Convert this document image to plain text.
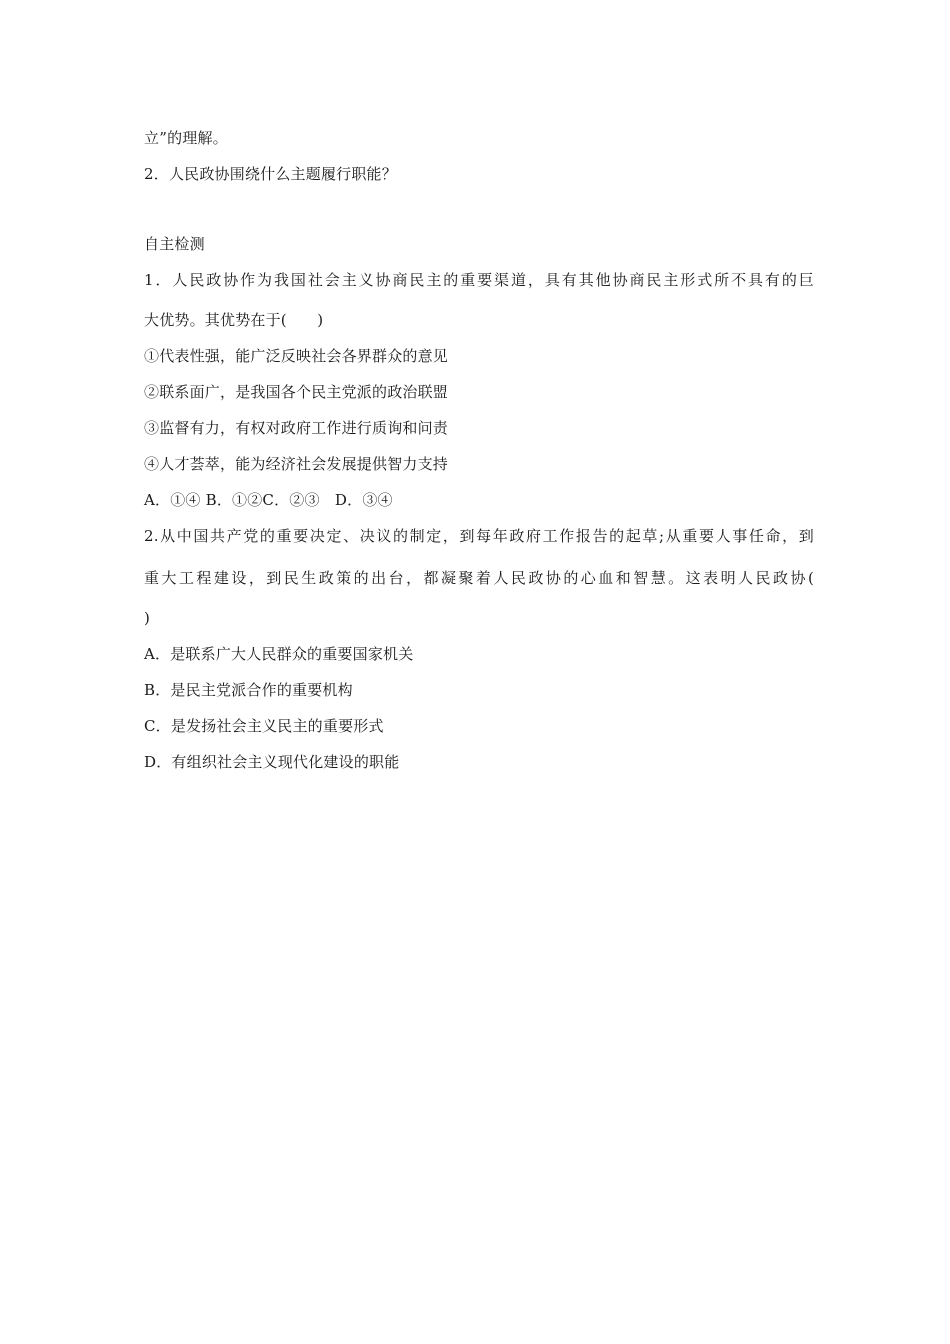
立”的理解。
2．人民政协围绕什么主题履行职能？
自主检测
1．人民政协作为我国社会主义协商民主的重要渠道，具有其他协商民主形式所不具有的巨
大优势。其优势在于(　　)
①代表性强，能广泛反映社会各界群众的意见
②联系面广，是我国各个民主党派的政治联盟
③监督有力，有权对政府工作进行质询和问责
④人才荟萃，能为经济社会发展提供智力支持
A．①④ B．①②C．②③　D．③④
2.从中国共产党的重要决定、决议的制定，到每年政府工作报告的起草;从重要人事任命，到
重大工程建设，到民生政策的出台，都凝聚着人民政协的心血和智慧。这表明人民政协(
)
A．是联系广大人民群众的重要国家机关
B．是民主党派合作的重要机构
C．是发扬社会主义民主的重要形式
D．有组织社会主义现代化建设的职能
